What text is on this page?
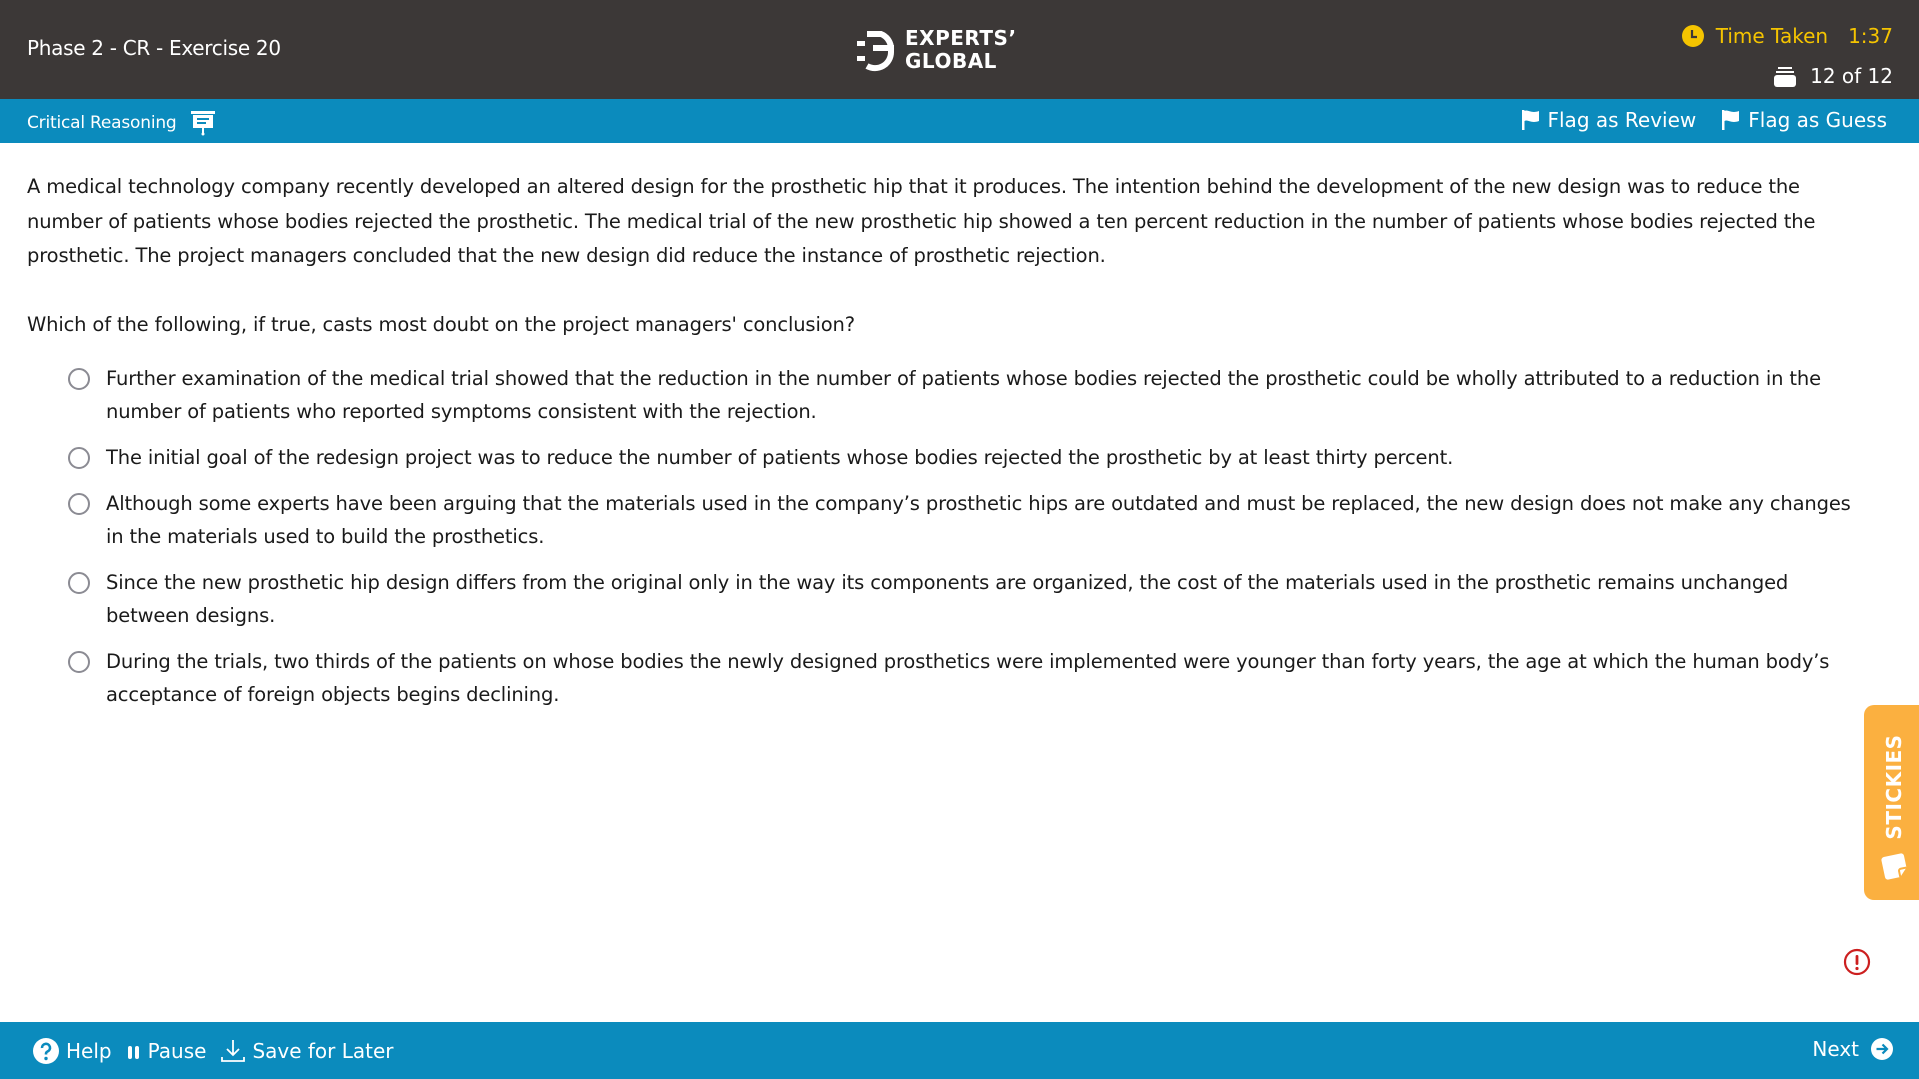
Phase 2 - CR - Exercise 20	EXPERTS’
GLOBAL
Time Taken 1:37
12 of 12
Critical Reasoning	Flag as Review	Flag as Guess

A medical technology company recently developed an altered design for the prosthetic hip that it produces. The intention behind the development of the new design was to reduce the number of patients whose bodies rejected the prosthetic. The medical trial of the new prosthetic hip showed a ten percent reduction in the number of patients whose bodies rejected the prosthetic. The project managers concluded that the new design did reduce the instance of prosthetic rejection.

Which of the following, if true, casts most doubt on the project managers' conclusion?

Further examination of the medical trial showed that the reduction in the number of patients whose bodies rejected the prosthetic could be wholly attributed to a reduction in the number of patients who reported symptoms consistent with the rejection.
The initial goal of the redesign project was to reduce the number of patients whose bodies rejected the prosthetic by at least thirty percent.
Although some experts have been arguing that the materials used in the company’s prosthetic hips are outdated and must be replaced, the new design does not make any changes in the materials used to build the prosthetics.
Since the new prosthetic hip design differs from the original only in the way its components are organized, the cost of the materials used in the prosthetic remains unchanged between designs.
During the trials, two thirds of the patients on whose bodies the newly designed prosthetics were implemented were younger than forty years, the age at which the human body’s acceptance of foreign objects begins declining.
STICKIES
Help Pause Save for Later	Next
